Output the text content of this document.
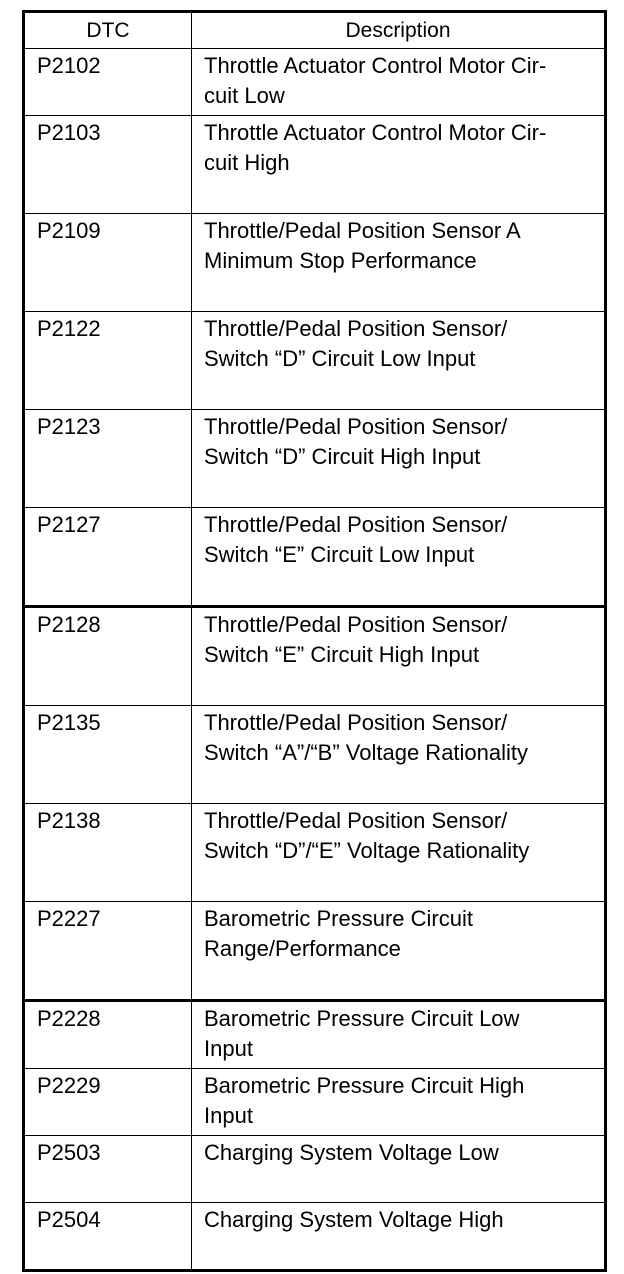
DTC	Description
P2102	Throttle Actuator Control Motor Cir-
cuit Low
P2103	Throttle Actuator Control Motor Cir-
cuit High
P2109	Throttle/Pedal Position Sensor A
Minimum Stop Performance
P2122	Throttle/Pedal Position Sensor/
Switch “D” Circuit Low Input
P2123	Throttle/Pedal Position Sensor/
Switch “D” Circuit High Input
P2127	Throttle/Pedal Position Sensor/
Switch “E” Circuit Low Input
P2128	Throttle/Pedal Position Sensor/
Switch “E” Circuit High Input
P2135	Throttle/Pedal Position Sensor/
Switch “A”/“B” Voltage Rationality
P2138	Throttle/Pedal Position Sensor/
Switch “D”/“E” Voltage Rationality
P2227	Barometric Pressure Circuit
Range/Performance
P2228	Barometric Pressure Circuit Low
Input
P2229	Barometric Pressure Circuit High
Input
P2503	Charging System Voltage Low
P2504	Charging System Voltage High
